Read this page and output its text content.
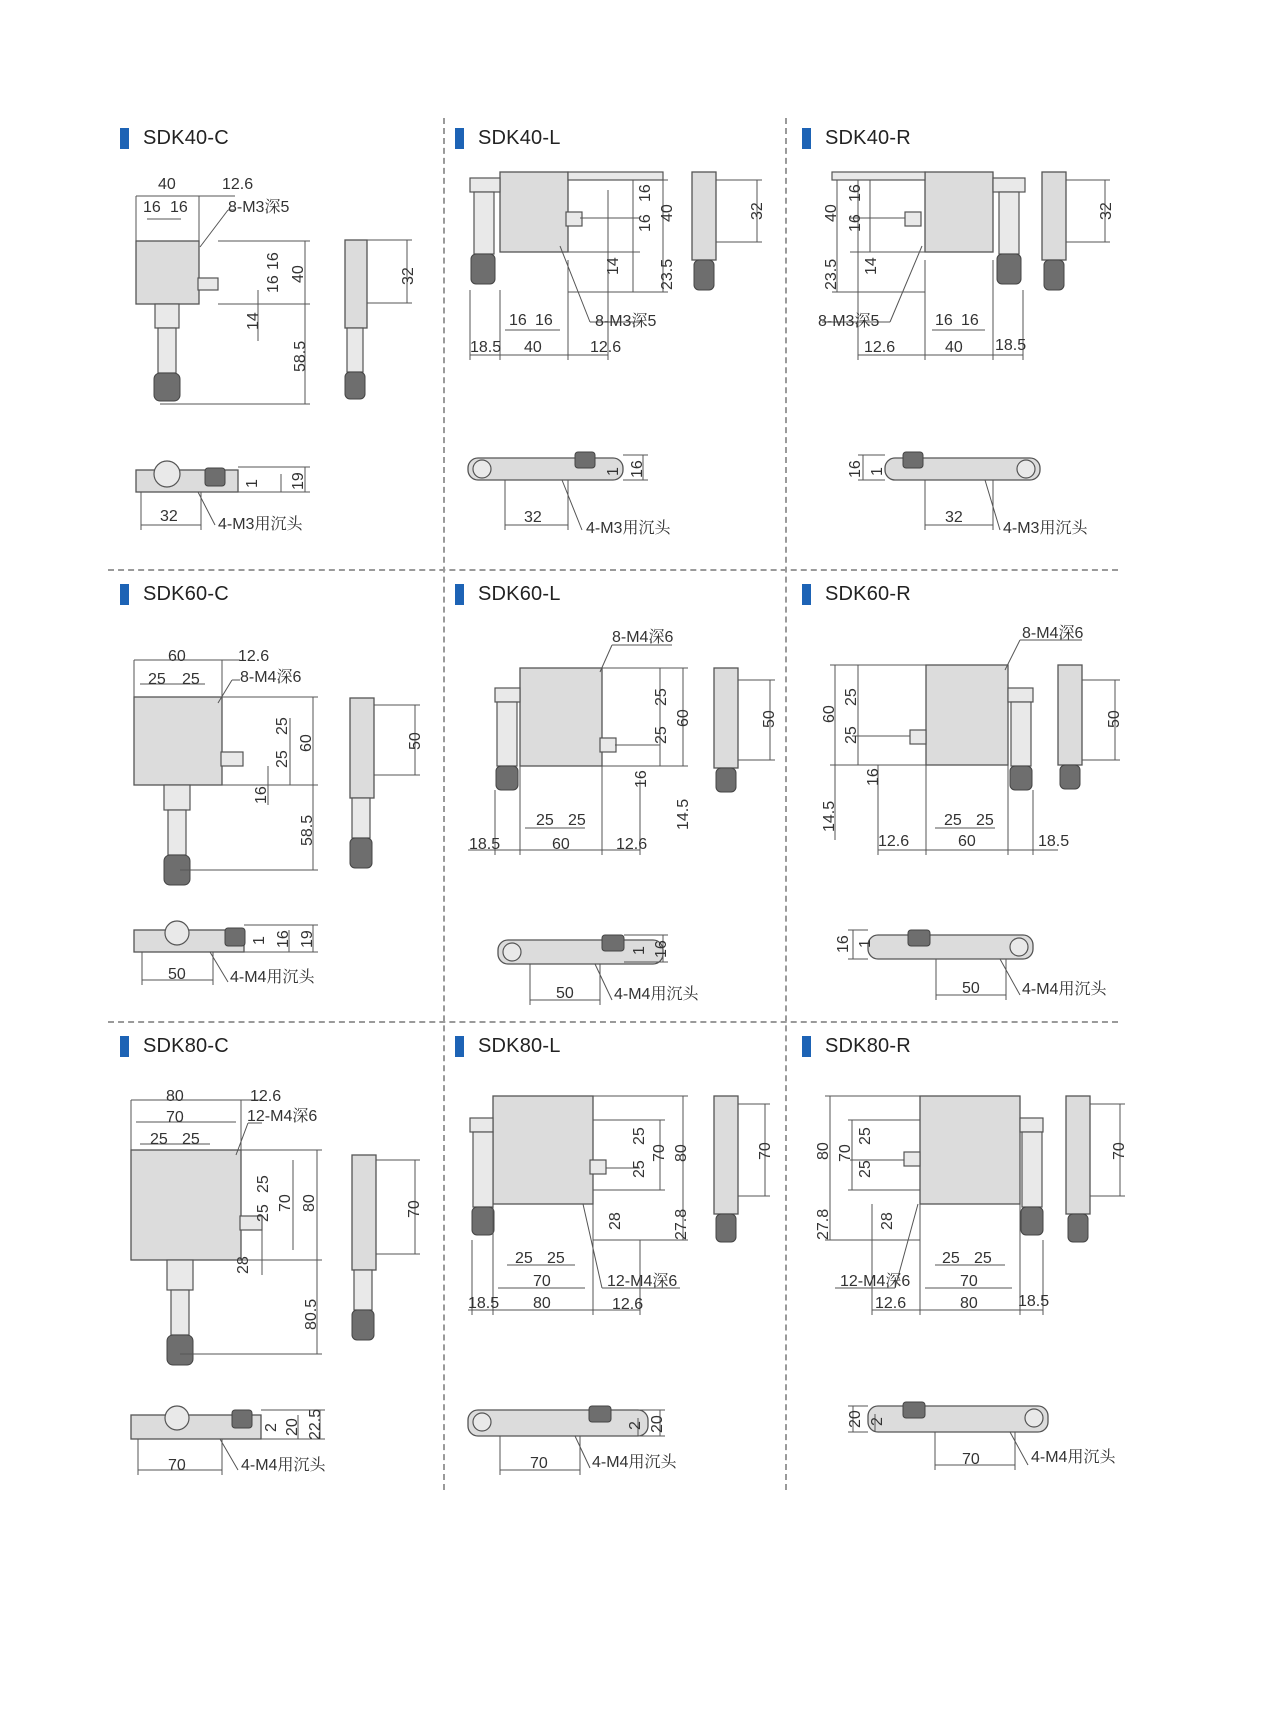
SDK40-C	SDK40-L	SDK40-R
SDK60-C	SDK60-L	SDK60-R
SDK80-C	SDK80-L	SDK80-R
40	12.6
16 16	8-M3深5
16
16
40
14
58.5
32
32
1 19
4-M3用沉头
18.5 40	12.6
16 16	8-M3深5
16
16
40
14 23.5
32
32
1 16
4-M3用沉头
12.6	40 18.5
16 16
8-M3深5
40
16
16
14
23.5
32
32
16 1
4-M3用沉头
60	12.6
25 25	8-M4深6
25
25
60
16
58.5
50
50
1 16 19
4-M4用沉头
8-M4深6
18.5	60	12.6
25 25
25
25
60
16
14.5
50
50
1 16
4-M4用沉头
8-M4深6
12.6	60	18.5
25 25
60
25
25
16
14.5
50
50
16 1
4-M4用沉头
80	12.6
70
25 25
12-M4深6
25
25
70 80
28
80.5
70
70
2 20 22.5
4-M4用沉头
18.5 80	12.6
70
25 25
12-M4深6
25
25
70 80
28	27.8
70
70
2 20
4-M4用沉头
12.6	80	18.5
70
25 25
12-M4深6
80 70
25
25
28
27.8
70
70
20 2
4-M4用沉头
